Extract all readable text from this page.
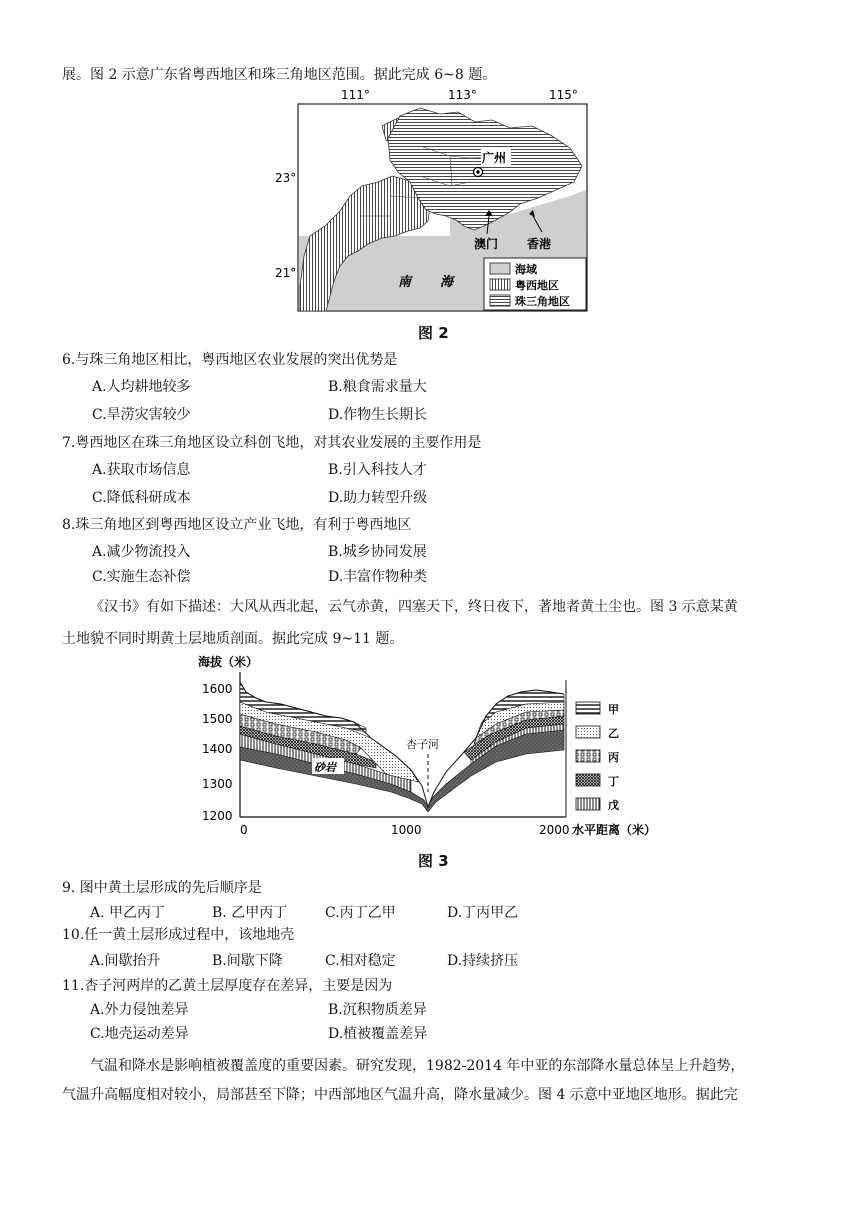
展。图 2 示意广东省粤西地区和珠三角地区范围。据此完成 6~8 题。
111°	113°	115°
23°
21°
广州
澳门 香港
南 海
海域
粤西地区
珠三角地区
图 2
6.与珠三角地区相比，粤西地区农业发展的突出优势是
A.人均耕地较多	B.粮食需求量大
C.旱涝灾害较少	D.作物生长期长
7.粤西地区在珠三角地区设立科创飞地，对其农业发展的主要作用是
A.获取市场信息	B.引入科技人才
C.降低科研成本	D.助力转型升级
8.珠三角地区到粤西地区设立产业飞地，有利于粤西地区
A.减少物流投入	B.城乡协同发展
C.实施生态补偿	D.丰富作物种类
《汉书》有如下描述：大风从西北起，云气赤黄，四塞天下，终日夜下，著地者黄土尘也。图 3 示意某黄
土地貌不同时期黄土层地质剖面。据此完成 9~11 题。
海拔（米）
1600
1500
1400
1300
1200
0	1000	2000 水平距离（米）
杏子河
砂岩
甲
乙
丙
丁
戊
图 3
9. 图中黄土层形成的先后顺序是
A. 甲乙丙丁	B. 乙甲丙丁	C.丙丁乙甲	D.丁丙甲乙
10.任一黄土层形成过程中，该地地壳
A.间歇抬升	B.间歇下降	C.相对稳定	D.持续挤压
11.杏子河两岸的乙黄土层厚度存在差异，主要是因为
A.外力侵蚀差异	B.沉积物质差异
C.地壳运动差异	D.植被覆盖差异
气温和降水是影响植被覆盖度的重要因素。研究发现，1982-2014 年中亚的东部降水量总体呈上升趋势，
气温升高幅度相对较小，局部甚至下降；中西部地区气温升高，降水量减少。图 4 示意中亚地区地形。据此完
